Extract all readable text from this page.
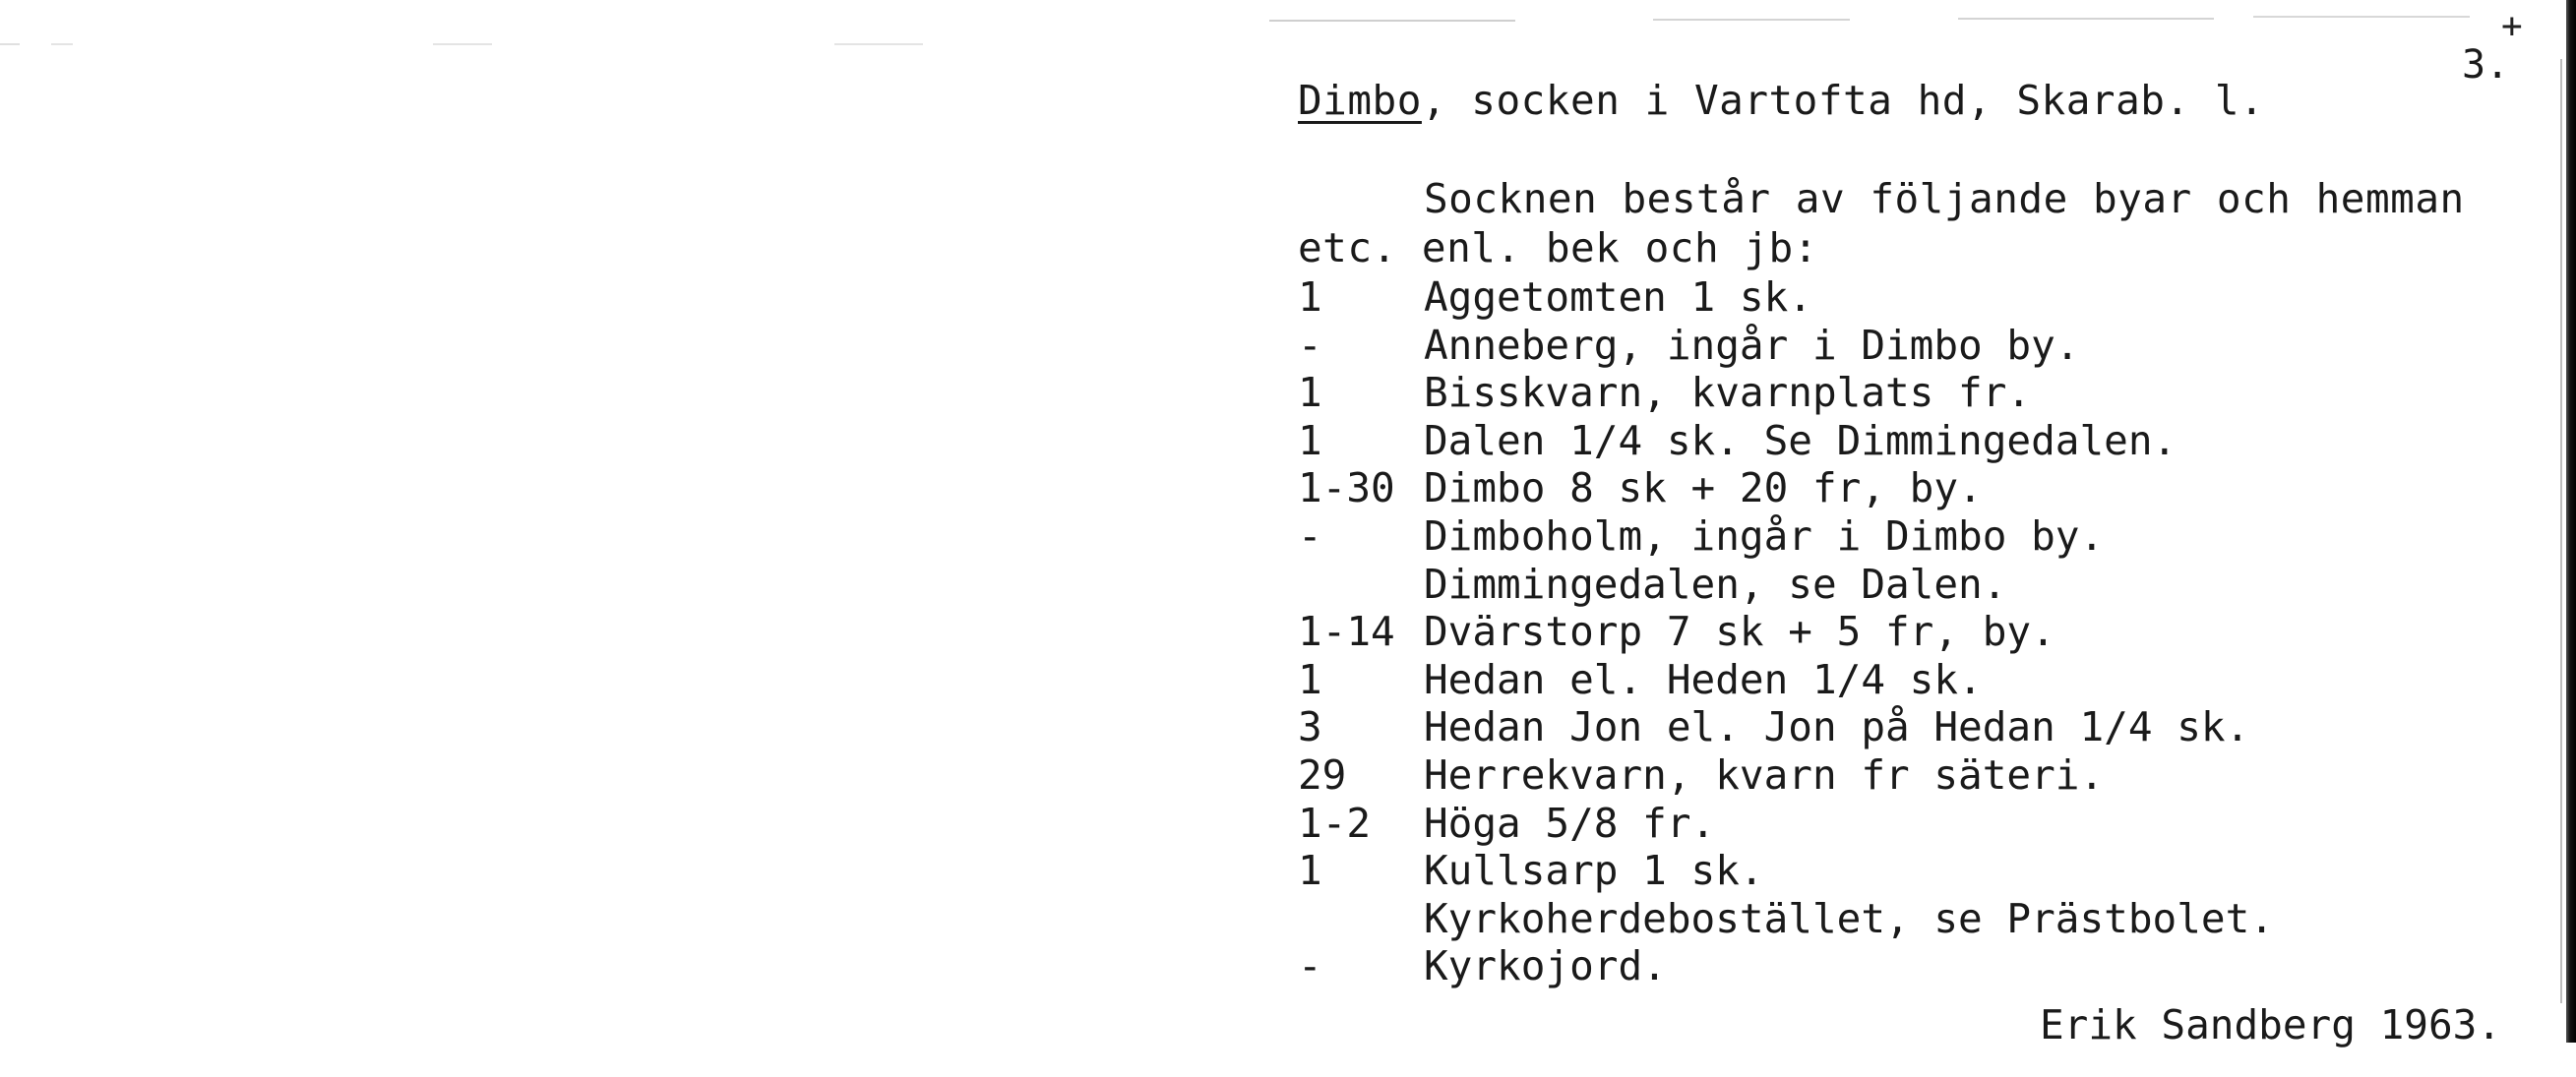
+
3.
Dimbo, socken i Vartofta hd, Skarab. l.
Socknen består av följande byar och hemman
etc. enl. bek och jb:
1	Aggetomten 1 sk.
-	Anneberg, ingår i Dimbo by.
1	Bisskvarn, kvarnplats fr.
1	Dalen 1/4 sk. Se Dimmingedalen.
1-30 Dimbo 8 sk + 20 fr, by.
-	Dimboholm, ingår i Dimbo by.
Dimmingedalen, se Dalen.
1-14 Dvärstorp 7 sk + 5 fr, by.
1	Hedan el. Heden 1/4 sk.
3	Hedan Jon el. Jon på Hedan 1/4 sk.
29	Herrekvarn, kvarn fr säteri.
1-2	Höga 5/8 fr.
1	Kullsarp 1 sk.
Kyrkoherdebostället, se Prästbolet.
-	Kyrkojord.
Erik Sandberg 1963.
